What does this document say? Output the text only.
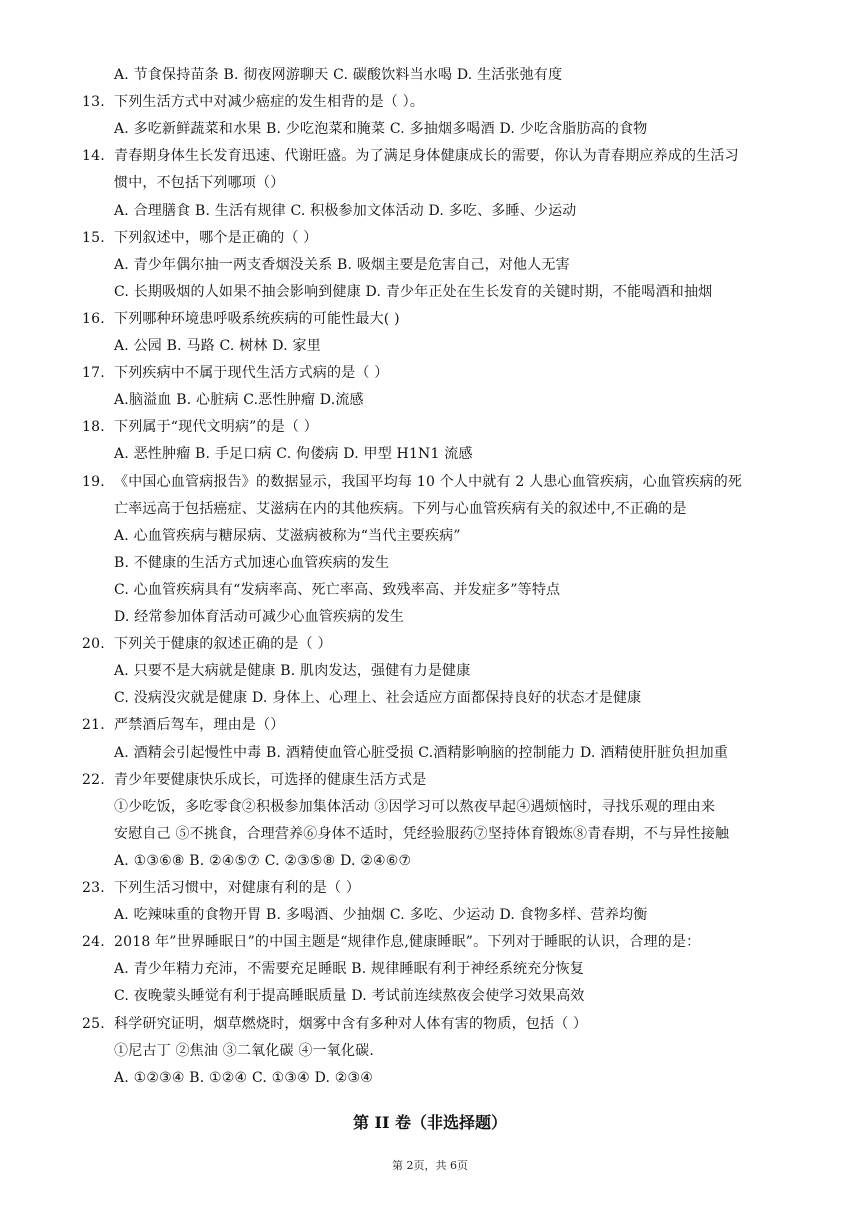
A. 节食保持苗条 B. 彻夜网游聊天 C. 碳酸饮料当水喝 D. 生活张弛有度
13. 下列生活方式中对减少癌症的发生相背的是（ ）。
A. 多吃新鲜蔬菜和水果 B. 少吃泡菜和腌菜 C. 多抽烟多喝酒 D. 少吃含脂肪高的食物
14. 青春期身体生长发育迅速、代谢旺盛。为了满足身体健康成长的需要，你认为青春期应养成的生活习
惯中，不包括下列哪项（）
A. 合理膳食 B. 生活有规律 C. 积极参加文体活动 D. 多吃、多睡、少运动
15. 下列叙述中，哪个是正确的（ ）
A. 青少年偶尔抽一两支香烟没关系 B. 吸烟主要是危害自己，对他人无害
C. 长期吸烟的人如果不抽会影响到健康 D. 青少年正处在生长发育的关键时期，不能喝酒和抽烟
16. 下列哪种环境患呼吸系统疾病的可能性最大( )
A. 公园 B. 马路 C. 树林 D. 家里
17. 下列疾病中不属于现代生活方式病的是（ ）
A.脑溢血 B. 心脏病 C.恶性肿瘤 D.流感
18. 下列属于“现代文明病”的是（ ）
A. 恶性肿瘤 B. 手足口病 C. 佝偻病 D. 甲型 H1N1 流感
19. 《中国心血管病报告》的数据显示，我国平均每 10 个人中就有 2 人患心血管疾病，心血管疾病的死
亡率远高于包括癌症、艾滋病在内的其他疾病。下列与心血管疾病有关的叙述中,不正确的是
A. 心血管疾病与糖尿病、艾滋病被称为“当代主要疾病”
B. 不健康的生活方式加速心血管疾病的发生
C. 心血管疾病具有“发病率高、死亡率高、致残率高、并发症多”等特点
D. 经常参加体育活动可减少心血管疾病的发生
20. 下列关于健康的叙述正确的是（ ）
A. 只要不是大病就是健康 B. 肌肉发达，强健有力是健康
C. 没病没灾就是健康 D. 身体上、心理上、社会适应方面都保持良好的状态才是健康
21. 严禁酒后驾车，理由是（）
A. 酒精会引起慢性中毒 B. 酒精使血管心脏受损 C.酒精影响脑的控制能力 D. 酒精使肝脏负担加重
22. 青少年要健康快乐成长，可选择的健康生活方式是
①少吃饭，多吃零食②积极参加集体活动 ③因学习可以熬夜早起④遇烦恼时，寻找乐观的理由来
安慰自己 ⑤不挑食，合理营养⑥身体不适时，凭经验服药⑦坚持体育锻炼⑧青春期，不与异性接触
A. ①③⑥⑧ B. ②④⑤⑦ C. ②③⑤⑧ D. ②④⑥⑦
23. 下列生活习惯中，对健康有利的是（ ）
A. 吃辣味重的食物开胃 B. 多喝酒、少抽烟 C. 多吃、少运动 D. 食物多样、营养均衡
24. 2018 年”世界睡眠日”的中国主题是“规律作息,健康睡眠”。下列对于睡眠的认识，合理的是：
A. 青少年精力充沛，不需要充足睡眠 B. 规律睡眠有利于神经系统充分恢复
C. 夜晚蒙头睡觉有利于提高睡眠质量 D. 考试前连续熬夜会使学习效果高效
25. 科学研究证明，烟草燃烧时，烟雾中含有多种对人体有害的物质，包括（ ）
①尼古丁 ②焦油 ③二氧化碳 ④一氧化碳.
A. ①②③④ B. ①②④ C. ①③④ D. ②③④
第 II 卷（非选择题）
第 2页，共 6页
